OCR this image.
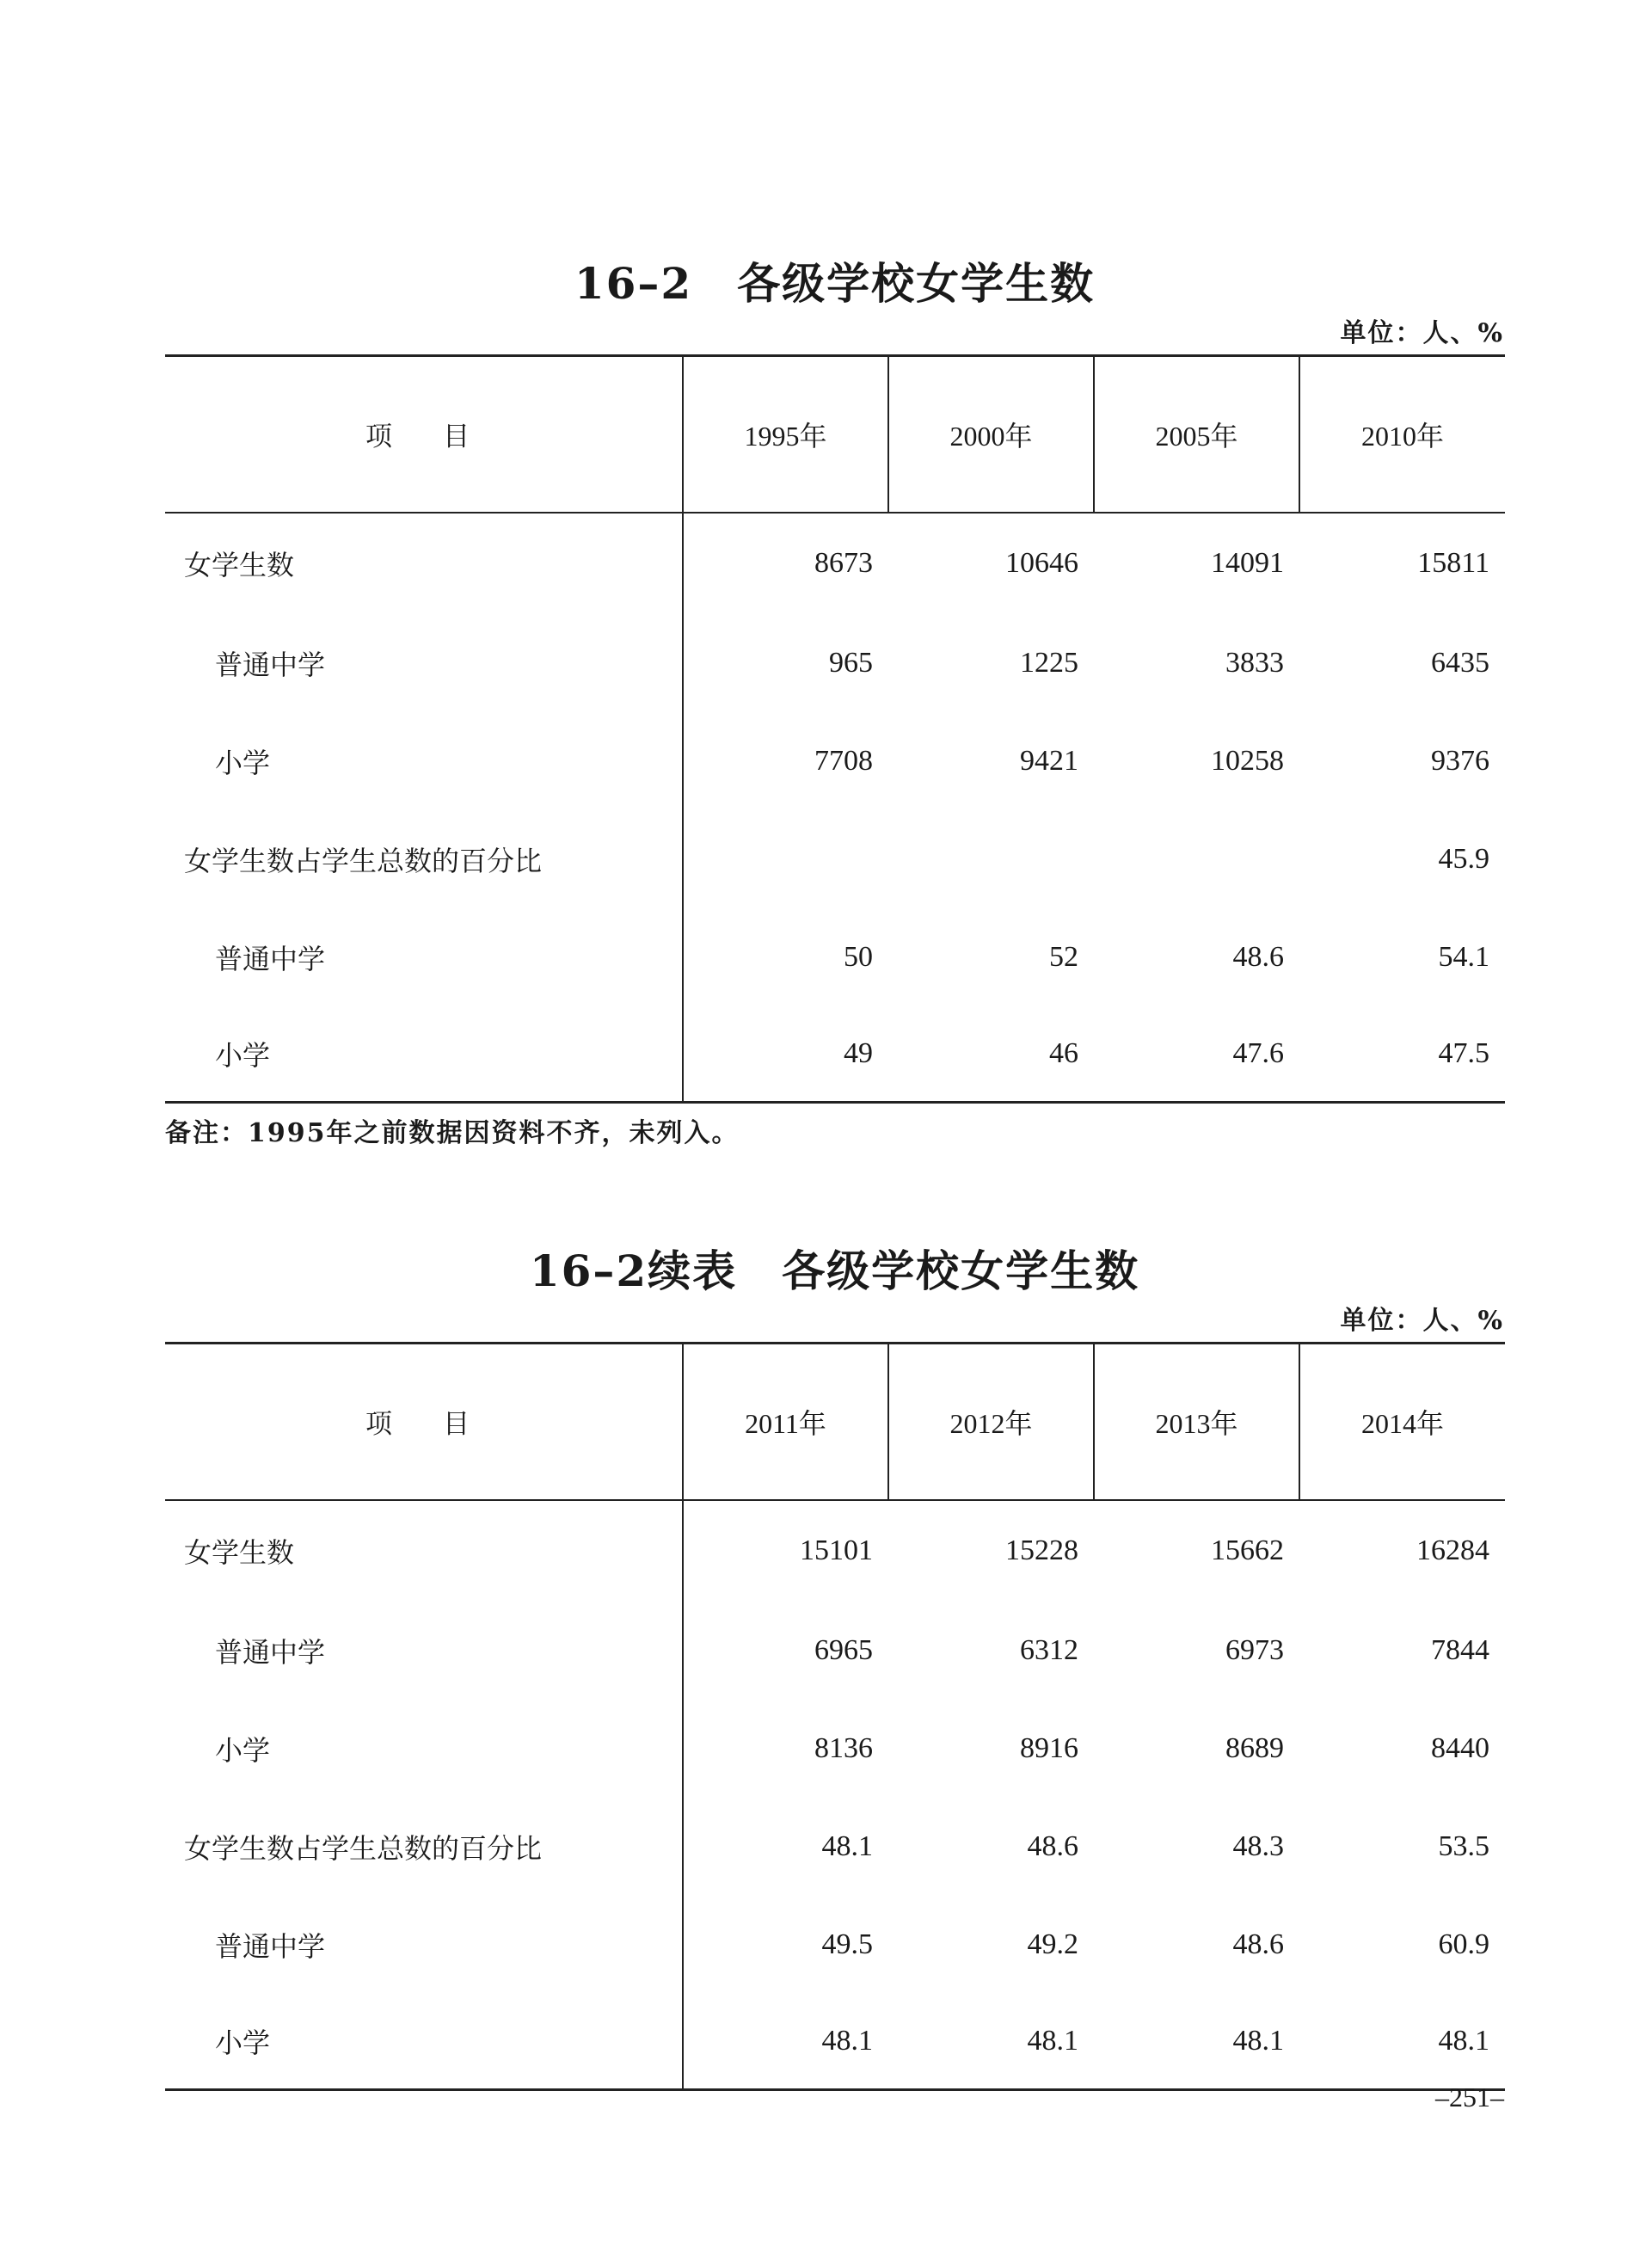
16–2　各级学校女学生数
单位：人、%
项　目	1995年	2000年	2005年	2010年
女学生数	8673	10646	14091	15811
普通中学	965	1225	3833	6435
小学	7708	9421	10258	9376
女学生数占学生总数的百分比				45.9
普通中学	50	52	48.6	54.1
小学	49	46	47.6	47.5
备注：1995年之前数据因资料不齐，未列入。
16–2续表　各级学校女学生数
单位：人、%
项　目	2011年	2012年	2013年	2014年
女学生数	15101	15228	15662	16284
普通中学	6965	6312	6973	7844
小学	8136	8916	8689	8440
女学生数占学生总数的百分比	48.1	48.6	48.3	53.5
普通中学	49.5	49.2	48.6	60.9
小学	48.1	48.1	48.1	48.1
–251–
